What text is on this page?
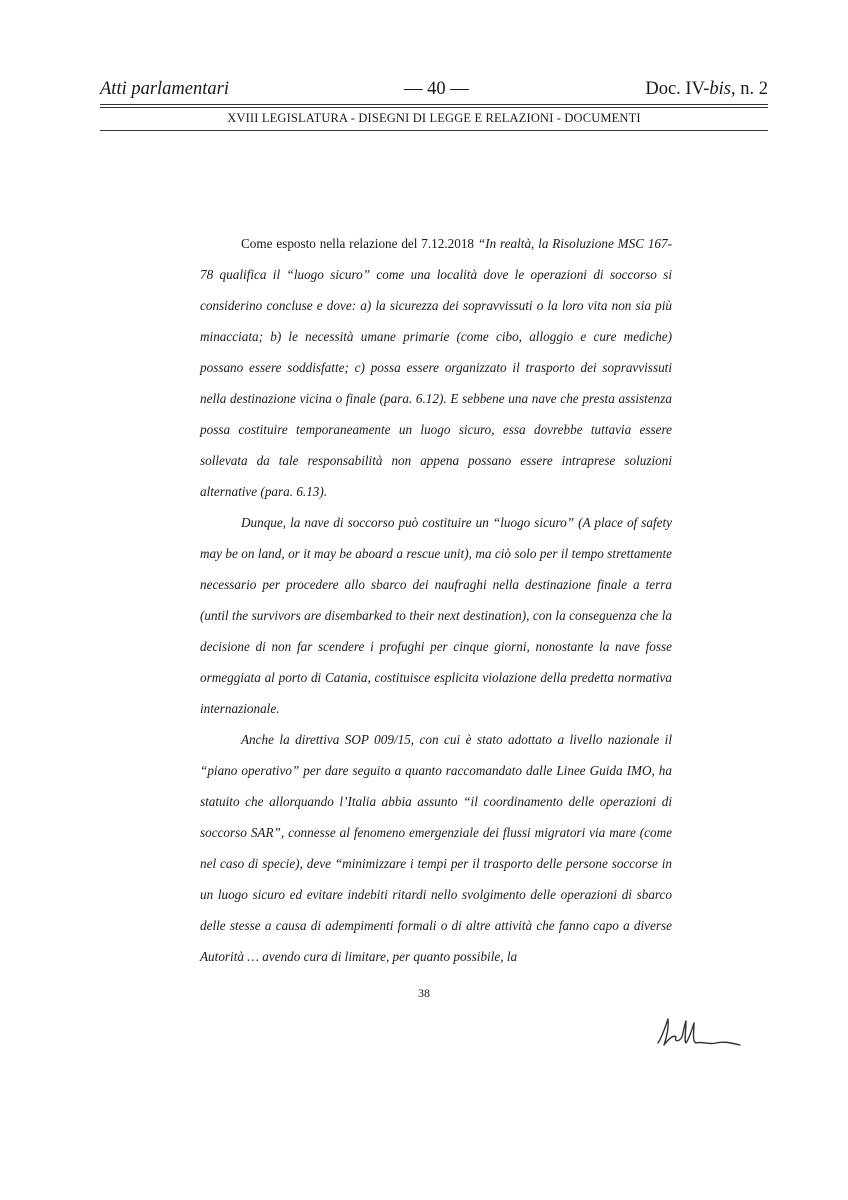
Atti parlamentari	— 40 —	Doc. IV-bis, n. 2
XVIII LEGISLATURA - DISEGNI DI LEGGE E RELAZIONI - DOCUMENTI

Come esposto nella relazione del 7.12.2018 “In realtà, la Risoluzione MSC 167-78 qualifica il “luogo sicuro” come una località dove le operazioni di soccorso si considerino concluse e dove: a) la sicurezza dei sopravvissuti o la loro vita non sia più minacciata; b) le necessità umane primarie (come cibo, alloggio e cure mediche) possano essere soddisfatte; c) possa essere organizzato il trasporto dei sopravvissuti nella destinazione vicina o finale (para. 6.12). E sebbene una nave che presta assistenza possa costituire temporaneamente un luogo sicuro, essa dovrebbe tuttavia essere sollevata da tale responsabilità non appena possano essere intraprese soluzioni alternative (para. 6.13).

Dunque, la nave di soccorso può costituire un “luogo sicuro” (A place of safety may be on land, or it may be aboard a rescue unit), ma ciò solo per il tempo strettamente necessario per procedere allo sbarco dei naufraghi nella destinazione finale a terra (until the survivors are disembarked to their next destination), con la conseguenza che la decisione di non far scendere i profughi per cinque giorni, nonostante la nave fosse ormeggiata al porto di Catania, costituisce esplicita violazione della predetta normativa internazionale.

Anche la direttiva SOP 009/15, con cui è stato adottato a livello nazionale il “piano operativo” per dare seguito a quanto raccomandato dalle Linee Guida IMO, ha statuito che allorquando l’Italia abbia assunto “il coordinamento delle operazioni di soccorso SAR”, connesse al fenomeno emergenziale dei flussi migratori via mare (come nel caso di specie), deve “minimizzare i tempi per il trasporto delle persone soccorse in un luogo sicuro ed evitare indebiti ritardi nello svolgimento delle operazioni di sbarco delle stesse a causa di adempimenti formali o di altre attività che fanno capo a diverse Autorità … avendo cura di limitare, per quanto possibile, la

38
